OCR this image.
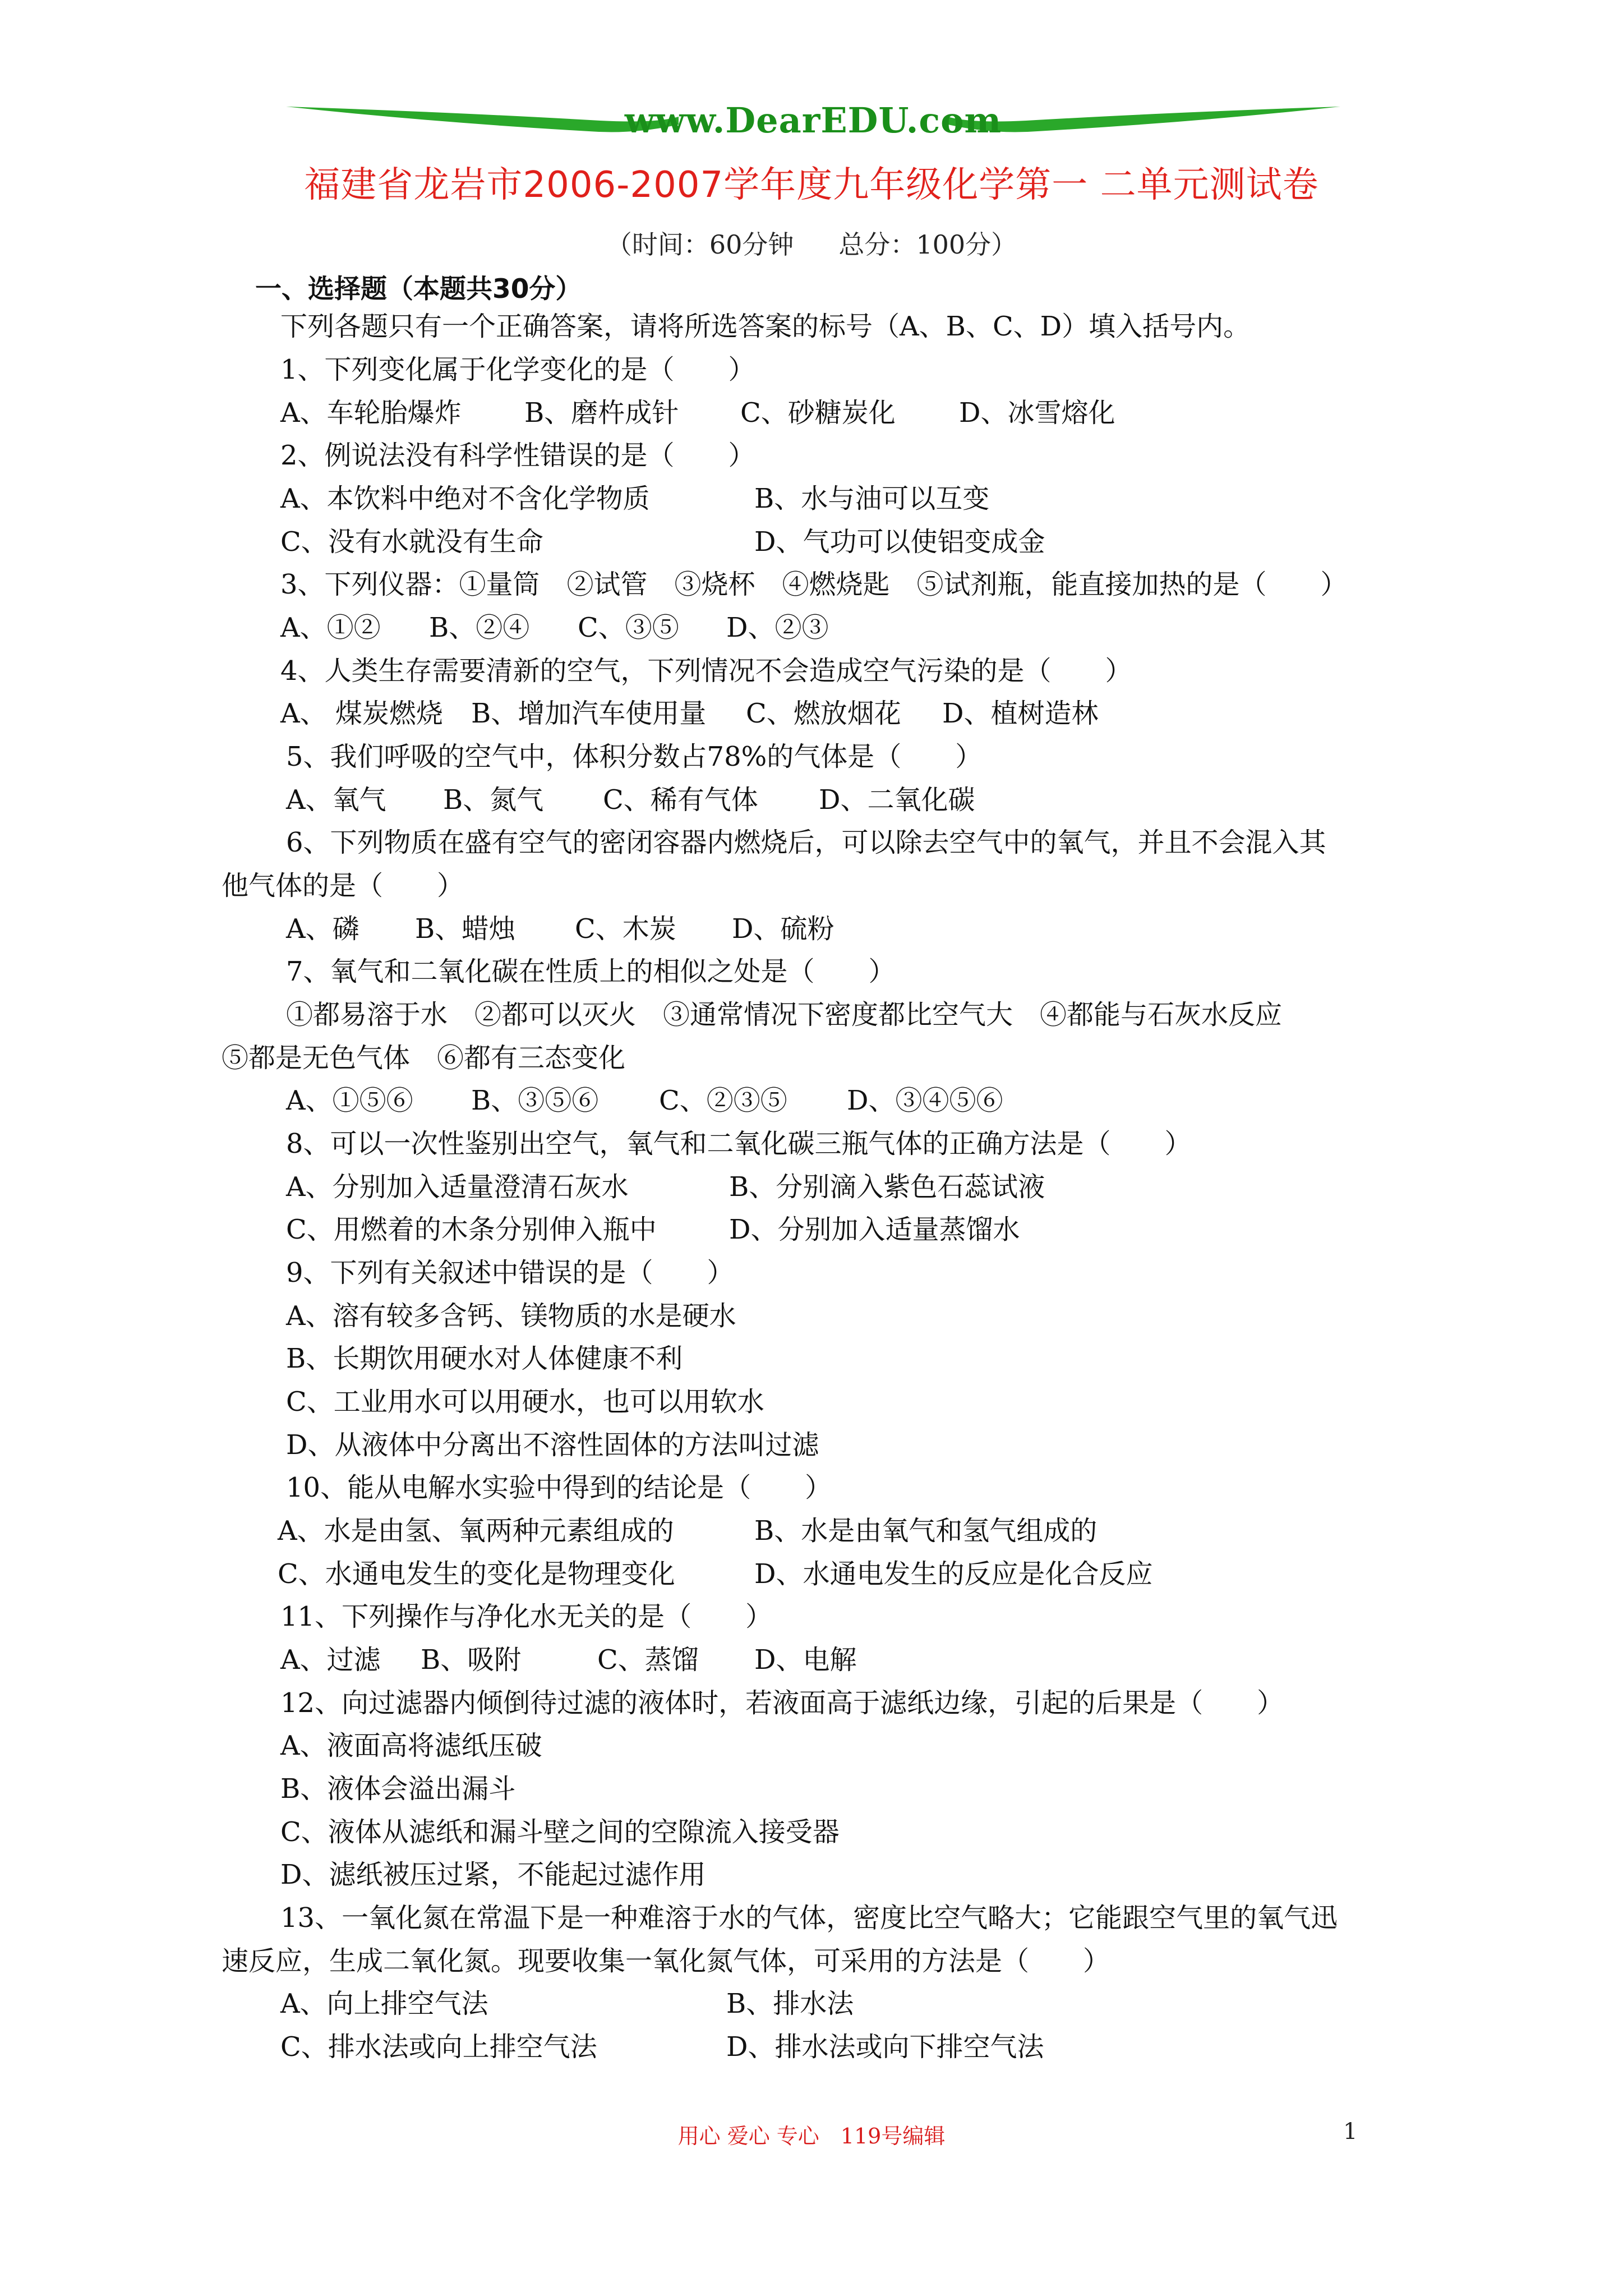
www.DearEDU.com
福建省龙岩市2006-2007学年度九年级化学第一 二单元测试卷
（时间：60分钟 总分：100分）
一、选择题（本题共30分）
下列各题只有一个正确答案，请将所选答案的标号（A、B、C、D）填入括号内。
1、下列变化属于化学变化的是（　　）
A、车轮胎爆炸 B、磨杵成针 C、砂糖炭化 D、冰雪熔化
2、例说法没有科学性错误的是（　　）
A、本饮料中绝对不含化学物质	B、水与油可以互变
C、没有水就没有生命	D、气功可以使铝变成金
3、下列仪器：①量筒　②试管　③烧杯　④燃烧匙　⑤试剂瓶，能直接加热的是（　　）
A、①② B、②④ C、③⑤ D、②③
4、人类生存需要清新的空气，下列情况不会造成空气污染的是（　　）
A、 煤炭燃烧 B、增加汽车使用量 C、燃放烟花 D、植树造林
5、我们呼吸的空气中，体积分数占78%的气体是（　　）
A、氧气 B、氮气 C、稀有气体 D、二氧化碳
6、下列物质在盛有空气的密闭容器内燃烧后，可以除去空气中的氧气，并且不会混入其
他气体的是（　　）
A、磷 B、蜡烛 C、木炭 D、硫粉
7、氧气和二氧化碳在性质上的相似之处是（　　）
①都易溶于水　②都可以灭火　③通常情况下密度都比空气大　④都能与石灰水反应
⑤都是无色气体　⑥都有三态变化
A、①⑤⑥ B、③⑤⑥ C、②③⑤ D、③④⑤⑥
8、可以一次性鉴别出空气，氧气和二氧化碳三瓶气体的正确方法是（　　）
A、分别加入适量澄清石灰水	B、分别滴入紫色石蕊试液
C、用燃着的木条分别伸入瓶中	D、分别加入适量蒸馏水
9、下列有关叙述中错误的是（　　）
A、溶有较多含钙、镁物质的水是硬水
B、长期饮用硬水对人体健康不利
C、工业用水可以用硬水，也可以用软水
D、从液体中分离出不溶性固体的方法叫过滤
10、能从电解水实验中得到的结论是（　　）
A、水是由氢、氧两种元素组成的	B、水是由氧气和氢气组成的
C、水通电发生的变化是物理变化	D、水通电发生的反应是化合反应
11、下列操作与净化水无关的是（　　）
A、过滤 B、吸附	C、蒸馏 D、电解
12、向过滤器内倾倒待过滤的液体时，若液面高于滤纸边缘，引起的后果是（　　）
A、液面高将滤纸压破
B、液体会溢出漏斗
C、液体从滤纸和漏斗壁之间的空隙流入接受器
D、滤纸被压过紧，不能起过滤作用
13、一氧化氮在常温下是一种难溶于水的气体，密度比空气略大；它能跟空气里的氧气迅
速反应，生成二氧化氮。现要收集一氧化氮气体，可采用的方法是（　　）
A、向上排空气法	B、排水法
C、排水法或向上排空气法	D、排水法或向下排空气法
用心 爱心 专心　119号编辑	1
